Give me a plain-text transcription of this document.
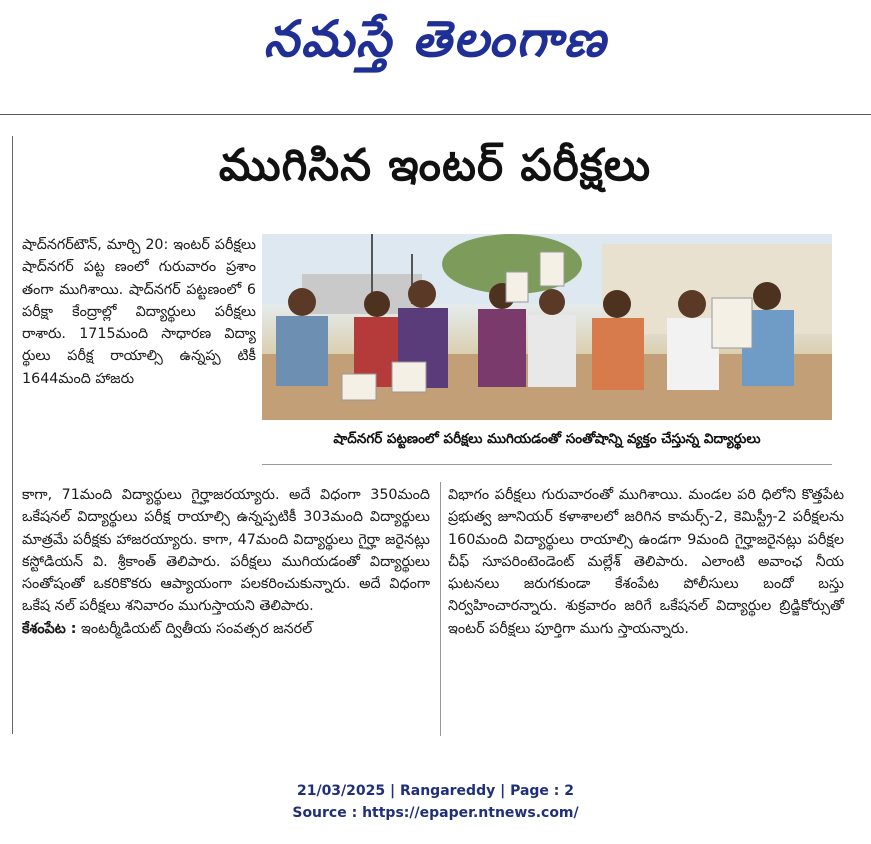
నమస్తే తెలంగాణ
ముగిసిన ఇంటర్ పరీక్షలు
షాద్‌నగర్‌టౌన్, మార్చి 20: ఇంటర్ పరీక్షలు షాద్‌నగర్ పట్ట ణంలో గురువారం ప్రశాం తంగా ముగిశాయి. షాద్‌నగర్ పట్టణంలో 6 పరీక్షా కేంద్రాల్లో విద్యార్థులు పరీక్షలు రాశారు. 1715మంది సాధారణ విద్యా ర్థులు పరీక్ష రాయాల్సి ఉన్నప్ప టికీ 1644మంది హాజరు
షాద్‌నగర్ పట్టణంలో పరీక్షలు ముగియడంతో సంతోషాన్ని వ్యక్తం చేస్తున్న విద్యార్థులు
కాగా, 71మంది విద్యార్థులు గైర్హాజరయ్యారు. అదే విధంగా 350మంది ఒకేషనల్ విద్యార్థులు పరీక్ష రాయాల్సి ఉన్నప్పటికీ 303మంది విద్యార్థులు మాత్రమే పరీక్షకు హాజరయ్యారు. కాగా, 47మంది విద్యార్థులు గైర్హా జరైనట్లు కస్టోడియన్ వి. శ్రీకాంత్ తెలిపారు. పరీక్షలు ముగియడంతో విద్యార్థులు సంతోషంతో ఒకరికొకరు ఆప్యాయంగా పలకరించుకున్నారు. అదే విధంగా ఒకేష నల్ పరీక్షలు శనివారం ముగుస్తాయని తెలిపారు.
కేశంపేట : ఇంటర్మీడియట్ ద్వితీయ సంవత్సర జనరల్
విభాగం పరీక్షలు గురువారంతో ముగిశాయి. మండల పరి ధిలోని కొత్తపేట ప్రభుత్వ జూనియర్ కళాశాలలో జరిగిన కామర్స్-2, కెమిస్ట్రీ-2 పరీక్షలను 160మంది విద్యార్థులు రాయాల్సి ఉండగా 9మంది గైర్హాజరైనట్లు పరీక్షల చీఫ్ సూపరింటెండెంట్ మల్లేశ్ తెలిపారు. ఎలాంటి అవాంఛ నీయ ఘటనలు జరుగకుండా కేశంపేట పోలీసులు బందో బస్తు నిర్వహించారన్నారు. శుక్రవారం జరిగే ఒకేషనల్ విద్యార్థుల బ్రిడ్జికోర్సుతో ఇంటర్ పరీక్షలు పూర్తిగా ముగు స్తాయన్నారు.
21/03/2025 | Rangareddy | Page : 2
Source : https://epaper.ntnews.com/
